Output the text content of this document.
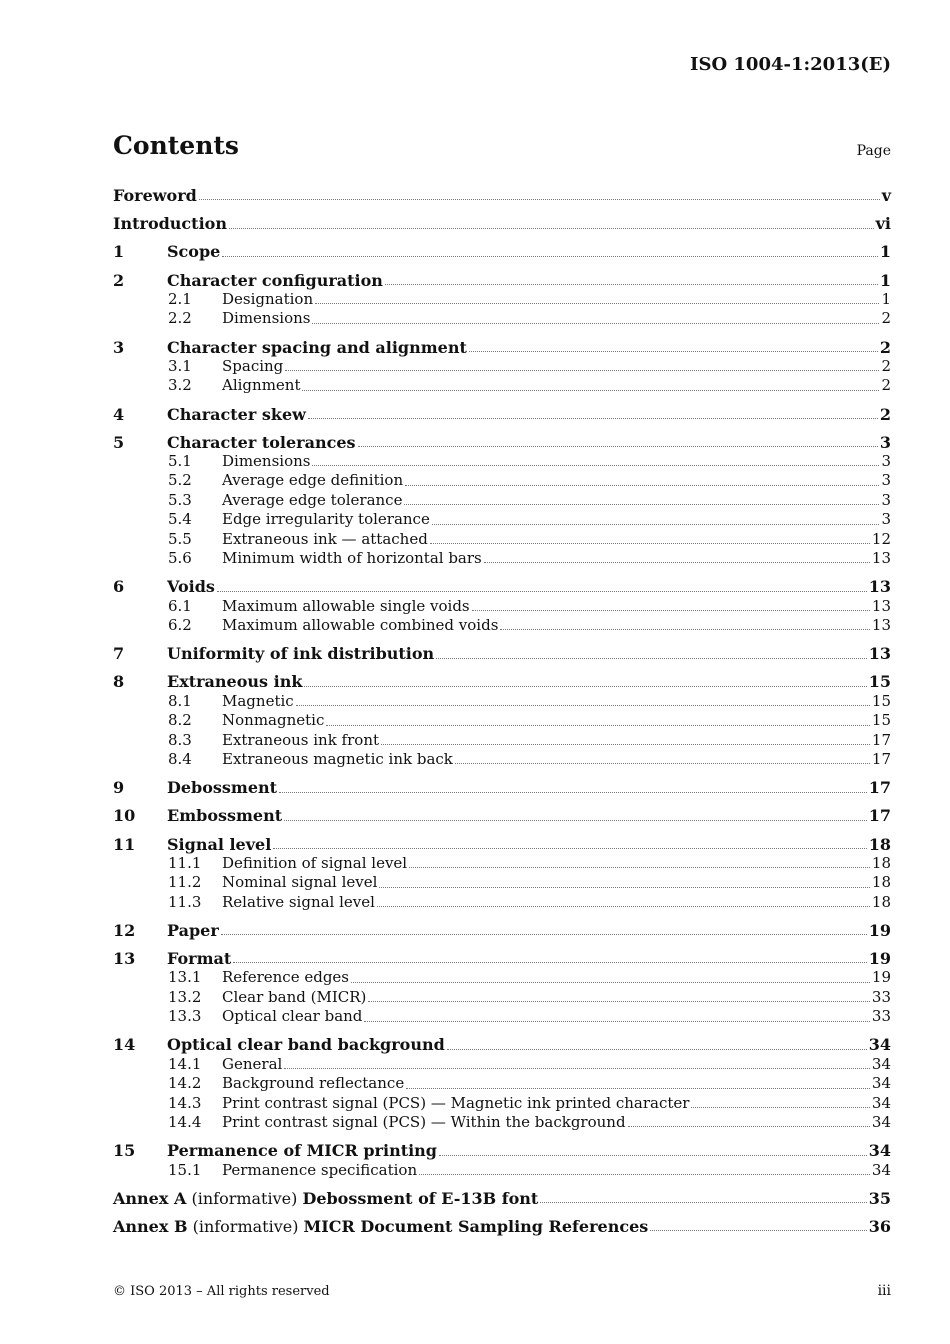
ISO 1004-1:2013(E)
Contents	Page
Foreword	v
Introduction	vi
1	Scope	1
2	Character configuration	1
2.1 Designation	1
2.2 Dimensions	2
3	Character spacing and alignment	2
3.1 Spacing	2
3.2 Alignment	2
4	Character skew	2
5	Character tolerances	3
5.1 Dimensions	3
5.2 Average edge definition	3
5.3 Average edge tolerance	3
5.4 Edge irregularity tolerance	3
5.5 Extraneous ink — attached	12
5.6 Minimum width of horizontal bars	13
6	Voids	13
6.1 Maximum allowable single voids	13
6.2 Maximum allowable combined voids	13
7	Uniformity of ink distribution	13
8	Extraneous ink	15
8.1 Magnetic	15
8.2 Nonmagnetic	15
8.3 Extraneous ink front	17
8.4 Extraneous magnetic ink back	17
9	Debossment	17
10 Embossment	17
11 Signal level	18
11.1 Definition of signal level	18
11.2 Nominal signal level	18
11.3 Relative signal level	18
12 Paper	19
13 Format	19
13.1 Reference edges	19
13.2 Clear band (MICR)	33
13.3 Optical clear band	33
14 Optical clear band background	34
14.1 General	34
14.2 Background reflectance	34
14.3 Print contrast signal (PCS) — Magnetic ink printed character	34
14.4 Print contrast signal (PCS) — Within the background	34
15 Permanence of MICR printing	34
15.1 Permanence specification	34
Annex A (informative) Debossment of E-13B font	35
Annex B (informative) MICR Document Sampling References	36
© ISO 2013 – All rights reserved	iii
